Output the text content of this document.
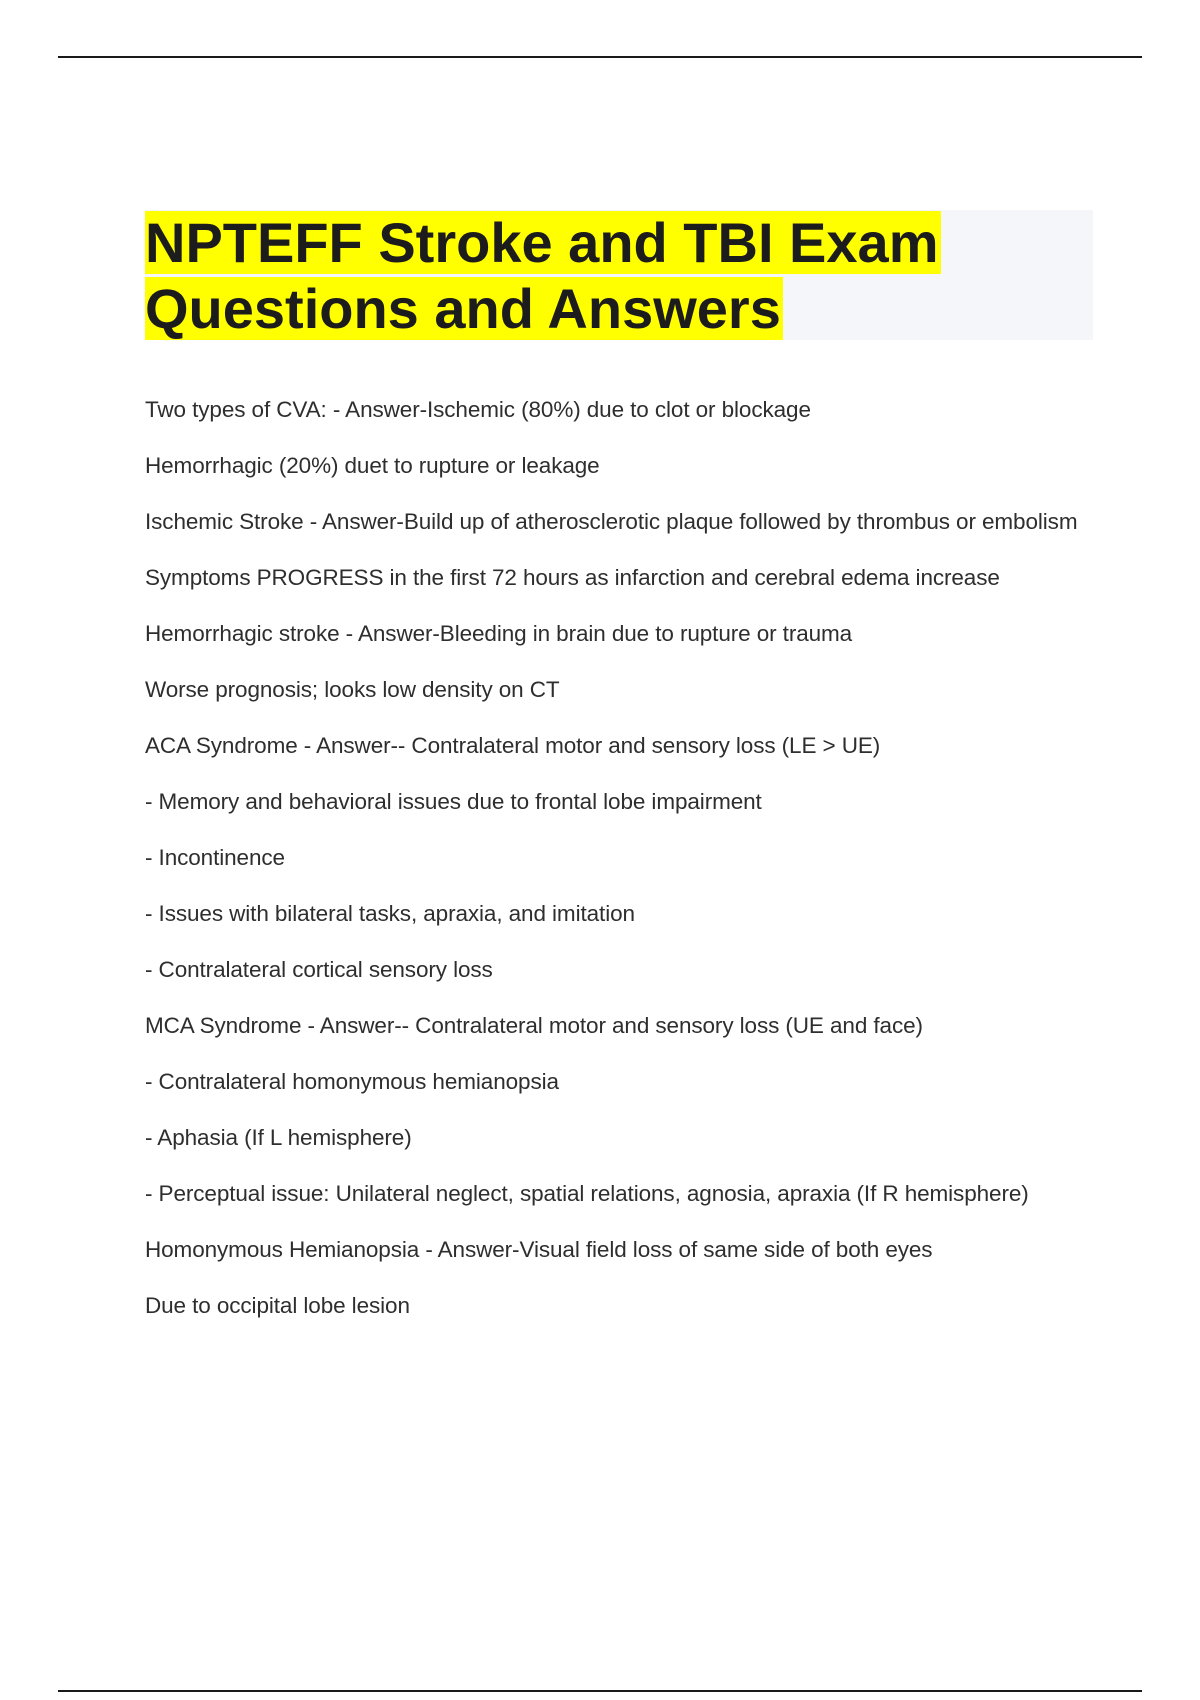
NPTEFF Stroke and TBI Exam
Questions and Answers
Two types of CVA: - Answer-Ischemic (80%) due to clot or blockage
Hemorrhagic (20%) duet to rupture or leakage
Ischemic Stroke - Answer-Build up of atherosclerotic plaque followed by thrombus or embolism
Symptoms PROGRESS in the first 72 hours as infarction and cerebral edema increase
Hemorrhagic stroke - Answer-Bleeding in brain due to rupture or trauma
Worse prognosis; looks low density on CT
ACA Syndrome - Answer-- Contralateral motor and sensory loss (LE > UE)
- Memory and behavioral issues due to frontal lobe impairment
- Incontinence
- Issues with bilateral tasks, apraxia, and imitation
- Contralateral cortical sensory loss
MCA Syndrome - Answer-- Contralateral motor and sensory loss (UE and face)
- Contralateral homonymous hemianopsia
- Aphasia (If L hemisphere)
- Perceptual issue: Unilateral neglect, spatial relations, agnosia, apraxia (If R hemisphere)
Homonymous Hemianopsia - Answer-Visual field loss of same side of both eyes
Due to occipital lobe lesion
